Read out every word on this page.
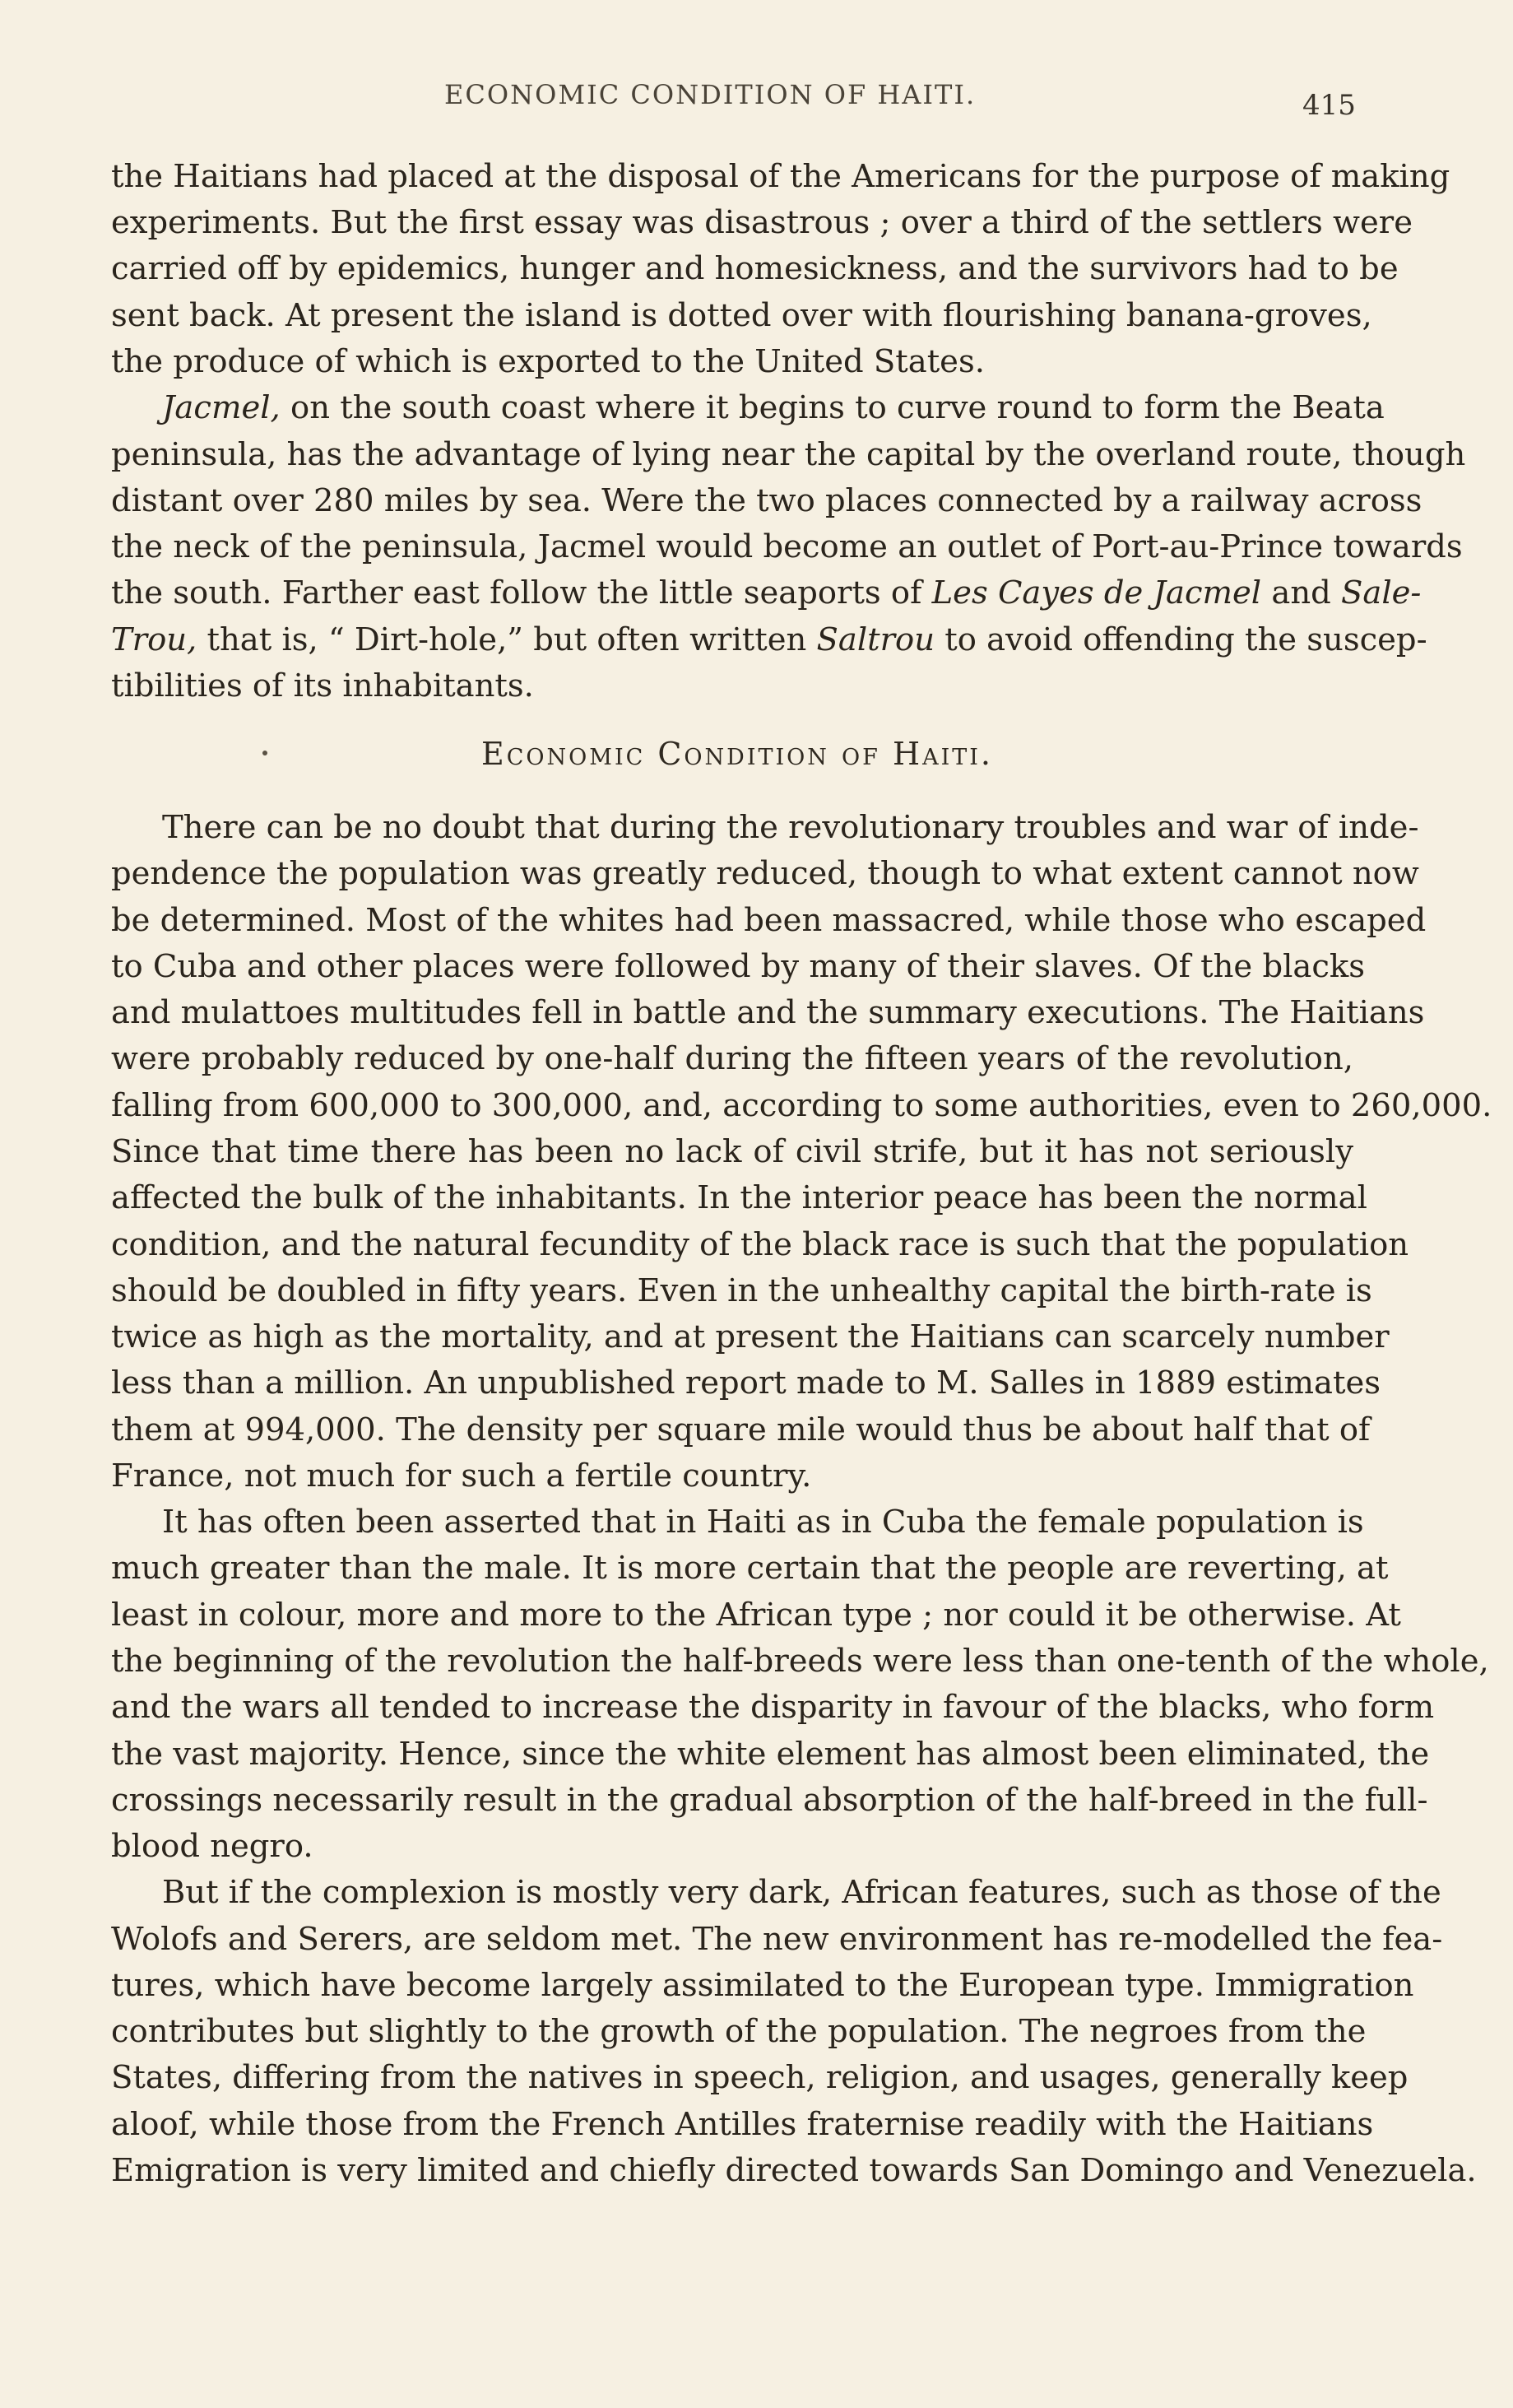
ECONOMIC CONDITION OF HAITI.	415
the Haitians had placed at the disposal of the Americans for the purpose of making
experiments. But the first essay was disastrous ; over a third of the settlers were
carried off by epidemics, hunger and homesickness, and the survivors had to be
sent back. At present the island is dotted over with flourishing banana-groves,
the produce of which is exported to the United States.
Jacmel, on the south coast where it begins to curve round to form the Beata
peninsula, has the advantage of lying near the capital by the overland route, though
distant over 280 miles by sea. Were the two places connected by a railway across
the neck of the peninsula, Jacmel would become an outlet of Port-au-Prince towards
the south. Farther east follow the little seaports of Les Cayes de Jacmel and Sale-
Trou, that is, “ Dirt-hole,” but often written Saltrou to avoid offending the suscep-
tibilities of its inhabitants.
Economic Condition of Haiti.
There can be no doubt that during the revolutionary troubles and war of inde-
pendence the population was greatly reduced, though to what extent cannot now
be determined. Most of the whites had been massacred, while those who escaped
to Cuba and other places were followed by many of their slaves. Of the blacks
and mulattoes multitudes fell in battle and the summary executions. The Haitians
were probably reduced by one-half during the fifteen years of the revolution,
falling from 600,000 to 300,000, and, according to some authorities, even to 260,000.
Since that time there has been no lack of civil strife, but it has not seriously
affected the bulk of the inhabitants. In the interior peace has been the normal
condition, and the natural fecundity of the black race is such that the population
should be doubled in fifty years. Even in the unhealthy capital the birth-rate is
twice as high as the mortality, and at present the Haitians can scarcely number
less than a million. An unpublished report made to M. Salles in 1889 estimates
them at 994,000. The density per square mile would thus be about half that of
France, not much for such a fertile country.
It has often been asserted that in Haiti as in Cuba the female population is
much greater than the male. It is more certain that the people are reverting, at
least in colour, more and more to the African type ; nor could it be otherwise. At
the beginning of the revolution the half-breeds were less than one-tenth of the whole,
and the wars all tended to increase the disparity in favour of the blacks, who form
the vast majority. Hence, since the white element has almost been eliminated, the
crossings necessarily result in the gradual absorption of the half-breed in the full-
blood negro.
But if the complexion is mostly very dark, African features, such as those of the
Wolofs and Serers, are seldom met. The new environment has re-modelled the fea-
tures, which have become largely assimilated to the European type. Immigration
contributes but slightly to the growth of the population. The negroes from the
States, differing from the natives in speech, religion, and usages, generally keep
aloof, while those from the French Antilles fraternise readily with the Haitians
Emigration is very limited and chiefly directed towards San Domingo and Venezuela.
